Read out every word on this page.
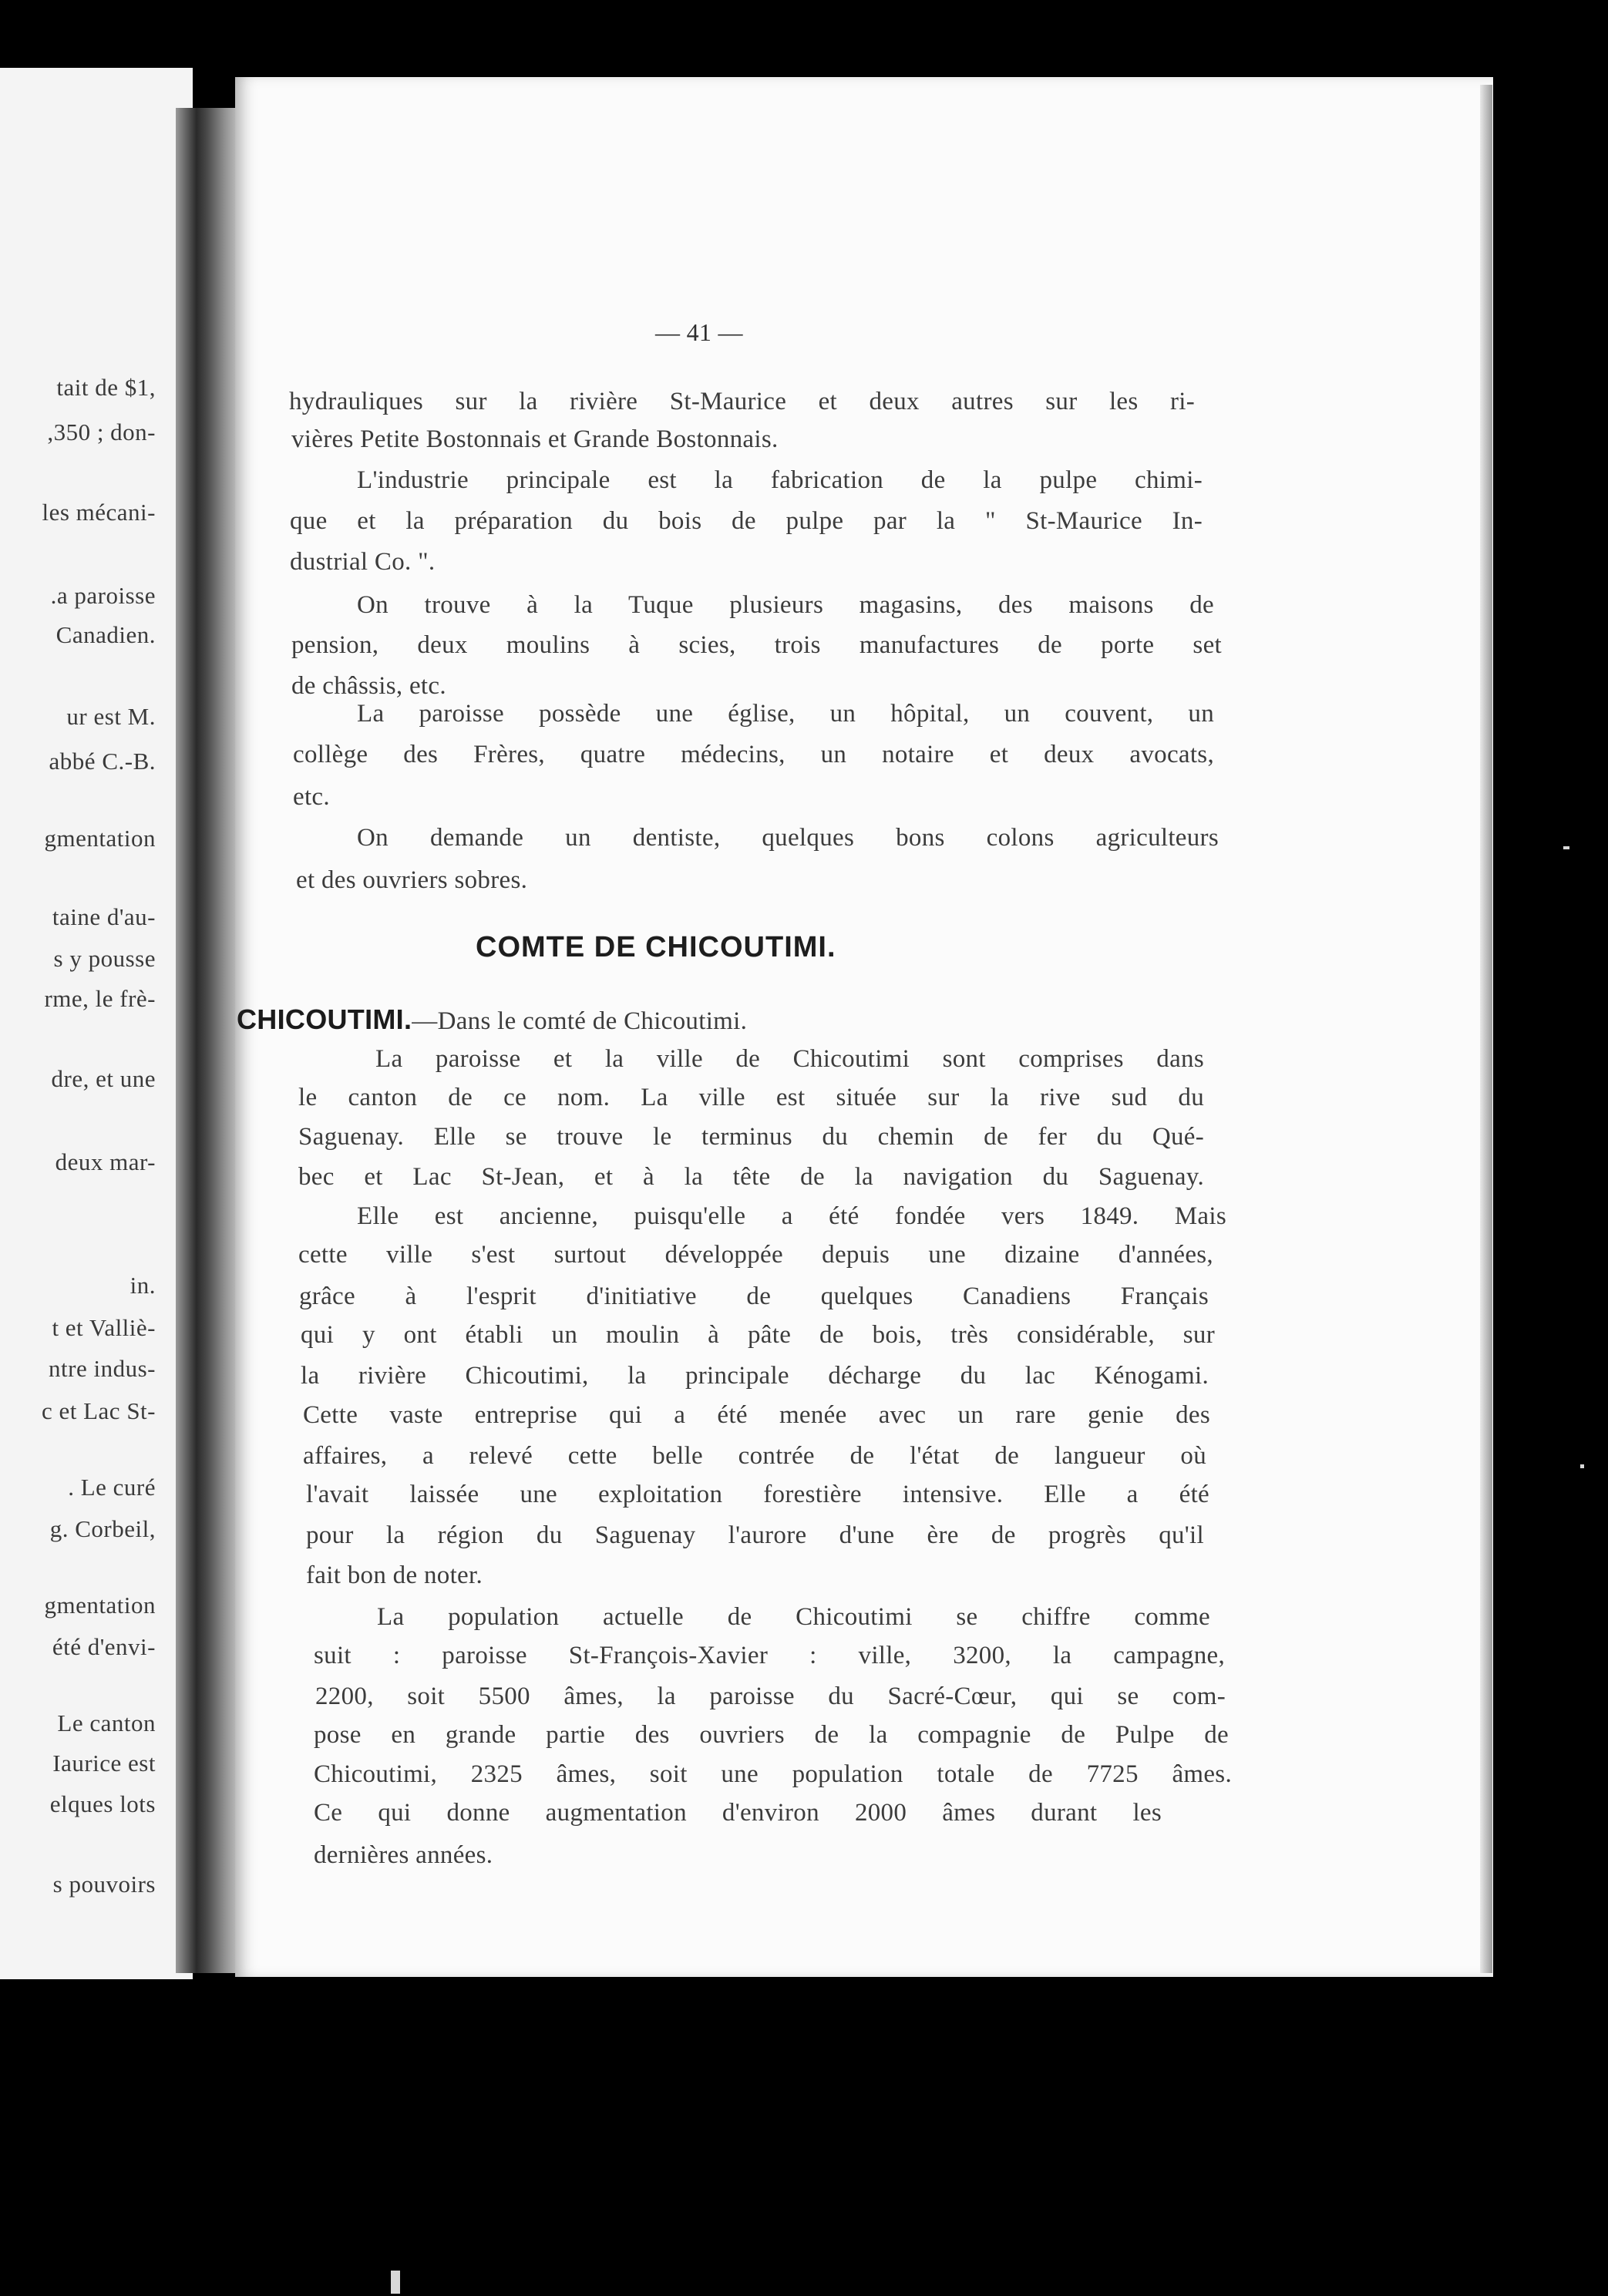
tait de $1,
,350 ; don-
les mécani-
.a paroisse
Canadien.
ur est M.
abbé C.-B.
gmentation
taine d'au-
s y pousse
rme, le frè-
dre, et une
deux mar-
in.
t et Valliè-
ntre indus-
c et Lac St-
. Le curé
g. Corbeil,
gmentation
été d'envi-
Le canton
Iaurice est
elques lots
s pouvoirs
— 41 —
COMTE DE CHICOUTIMI.
CHICOUTIMI.—Dans le comté de Chicoutimi.
hydrauliques sur la rivière St-Maurice et deux autres sur les ri-
vières Petite Bostonnais et Grande Bostonnais.
L'industrie principale est la fabrication de la pulpe chimi-
que et la préparation du bois de pulpe par la " St-Maurice In-
dustrial Co. ".
On trouve à la Tuque plusieurs magasins, des maisons de
pension, deux moulins à scies, trois manufactures de porte set
de châssis, etc.
La paroisse possède une église, un hôpital, un couvent, un
collège des Frères, quatre médecins, un notaire et deux avocats,
etc.
On demande un dentiste, quelques bons colons agriculteurs
et des ouvriers sobres.
La paroisse et la ville de Chicoutimi sont comprises dans
le canton de ce nom. La ville est située sur la rive sud du
Saguenay. Elle se trouve le terminus du chemin de fer du Qué-
bec et Lac St-Jean, et à la tête de la navigation du Saguenay.
Elle est ancienne, puisqu'elle a été fondée vers 1849. Mais
cette ville s'est surtout développée depuis une dizaine d'années,
grâce à l'esprit d'initiative de quelques Canadiens Français
qui y ont établi un moulin à pâte de bois, très considérable, sur
la rivière Chicoutimi, la principale décharge du lac Kénogami.
Cette vaste entreprise qui a été menée avec un rare genie des
affaires, a relevé cette belle contrée de l'état de langueur où
l'avait laissée une exploitation forestière intensive. Elle a été
pour la région du Saguenay l'aurore d'une ère de progrès qu'il
fait bon de noter.
La population actuelle de Chicoutimi se chiffre comme
suit : paroisse St-François-Xavier : ville, 3200, la campagne,
2200, soit 5500 âmes, la paroisse du Sacré-Cœur, qui se com-
pose en grande partie des ouvriers de la compagnie de Pulpe de
Chicoutimi, 2325 âmes, soit une population totale de 7725 âmes.
Ce qui donne augmentation d'environ 2000 âmes durant les
dernières années.
